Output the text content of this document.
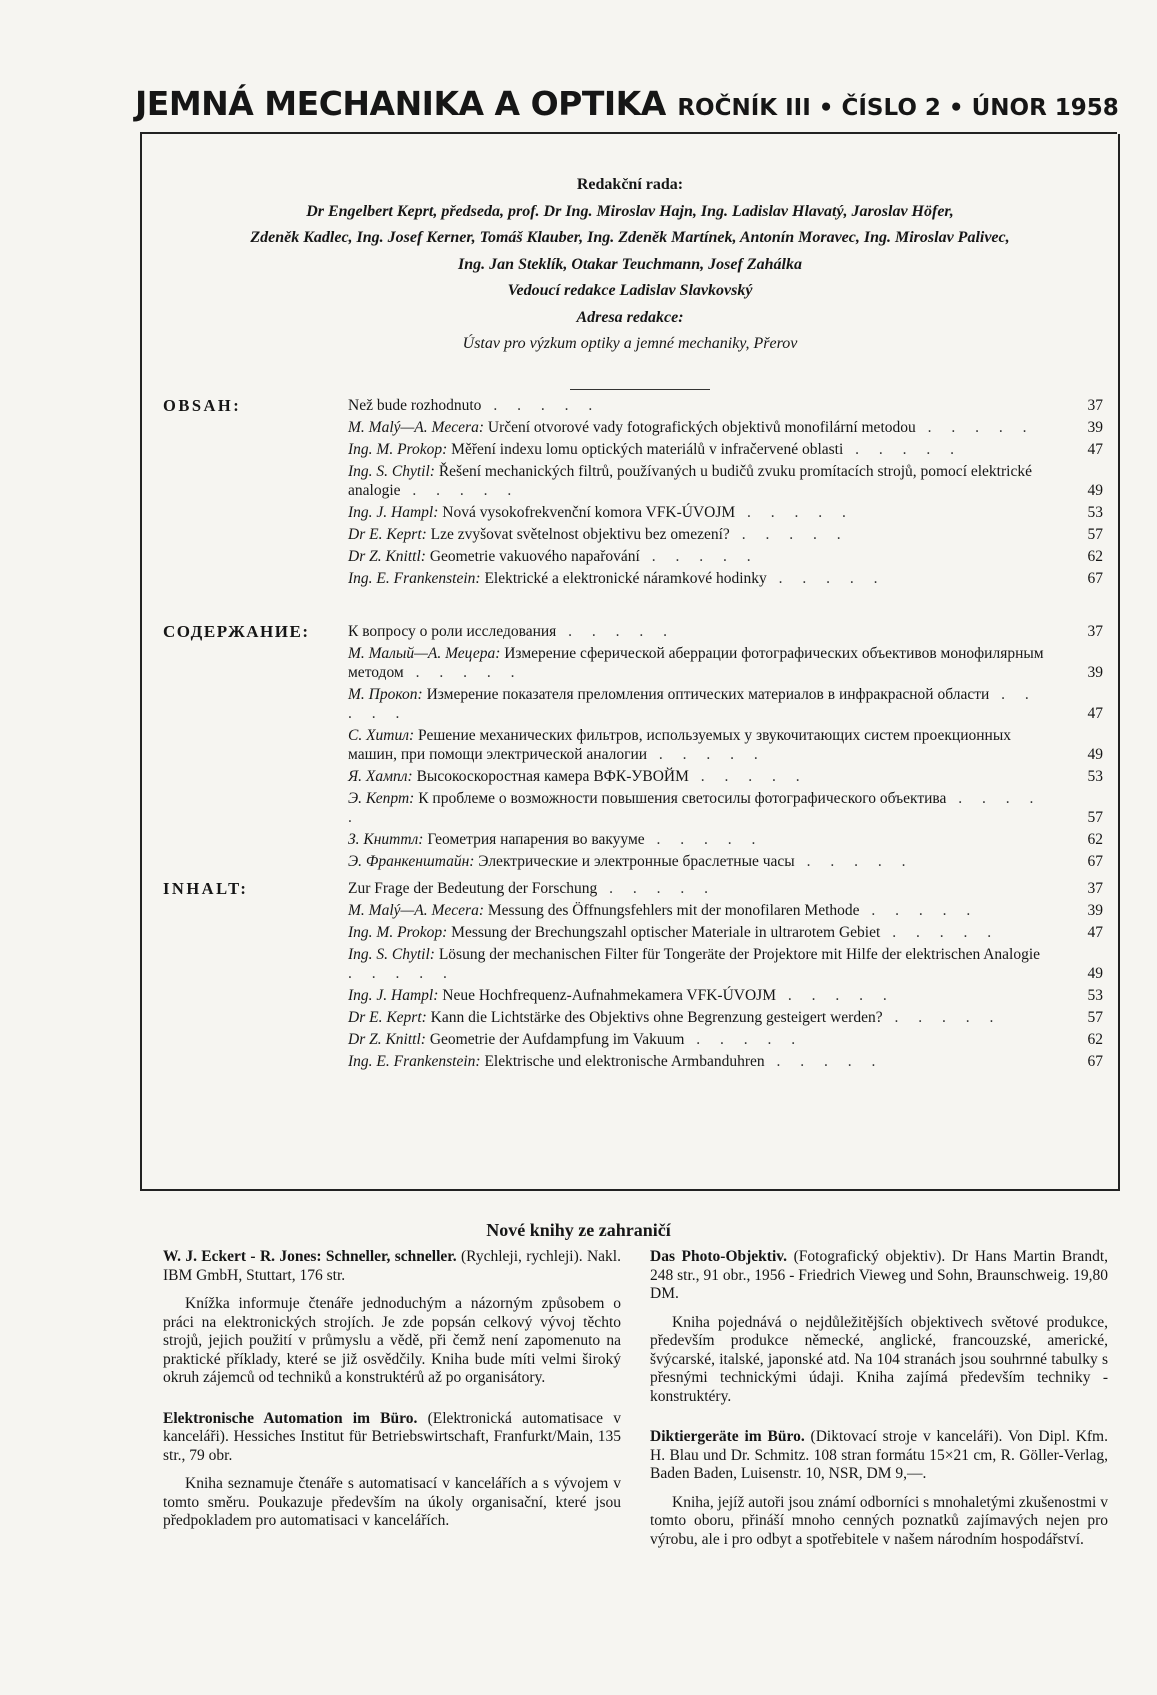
JEMNÁ MECHANIKA A OPTIKA ROČNÍK III • ČÍSLO 2 • ÚNOR 1958
Redakční rada:
Dr Engelbert Keprt, předseda, prof. Dr Ing. Miroslav Hajn, Ing. Ladislav Hlavatý, Jaroslav Höfer,
Zdeněk Kadlec, Ing. Josef Kerner, Tomáš Klauber, Ing. Zdeněk Martínek, Antonín Moravec, Ing. Miroslav Palivec,
Ing. Jan Steklík, Otakar Teuchmann, Josef Zahálka
Vedoucí redakce Ladislav Slavkovský
Adresa redakce:
Ústav pro výzkum optiky a jemné mechaniky, Přerov
OBSAH:	Než bude rozhodnuto . . . . .	37
M. Malý—A. Mecera: Určení otvorové vady fotografických objektivů monofilární metodou . . . . .	39
Ing. M. Prokop: Měření indexu lomu optických materiálů v infračervené oblasti . . . . .	47
Ing. S. Chytil: Řešení mechanických filtrů, používaných u budičů zvuku promítacích strojů, pomocí elektrické analogie . . . . .	49
Ing. J. Hampl: Nová vysokofrekvenční komora VFK-ÚVOJM . . . . .	53
Dr E. Keprt: Lze zvyšovat světelnost objektivu bez omezení? . . . . .	57
Dr Z. Knittl: Geometrie vakuového napařování . . . . .	62
Ing. E. Frankenstein: Elektrické a elektronické náramkové hodinky . . . . .	67
СОДЕРЖАНИЕ: К вопросу о роли исследования . . . . .	37
М. Малый—А. Мецера: Измерение сферической аберрации фотографических объективов монофилярным методом . . . . .	39
М. Прокоп: Измерение показателя преломления оптических материалов в инфракрасной области . . . . .	47
С. Хитил: Решение механических фильтров, используемых у звукочитающих систем проекционных машин, при помощи электрической аналогии . . . . .	49
Я. Хампл: Высокоскоростная камера ВФК-УВОЙМ . . . . .	53
Э. Кепрт: К проблеме о возможности повышения светосилы фотографического объектива . . . . .	57
З. Книттл: Геометрия напарения во вакууме . . . . .	62
Э. Франкенштайн: Электрические и электронные браслетные часы . . . . .	67
INHALT:	Zur Frage der Bedeutung der Forschung . . . . .	37
M. Malý—A. Mecera: Messung des Öffnungsfehlers mit der monofilaren Methode . . . . .	39
Ing. M. Prokop: Messung der Brechungszahl optischer Materiale in ultrarotem Gebiet . . . . .	47
Ing. S. Chytil: Lösung der mechanischen Filter für Tongeräte der Projektore mit Hilfe der elektrischen Analogie . . . . .	49
Ing. J. Hampl: Neue Hochfrequenz-Aufnahmekamera VFK-ÚVOJM . . . . .	53
Dr E. Keprt: Kann die Lichtstärke des Objektivs ohne Begrenzung gesteigert werden? . . . . .	57
Dr Z. Knittl: Geometrie der Aufdampfung im Vakuum . . . . .	62
Ing. E. Frankenstein: Elektrische und elektronische Armbanduhren . . . . .	67
Nové knihy ze zahraničí

W. J. Eckert - R. Jones: Schneller, schneller. (Rychleji, rychleji). Nakl. IBM GmbH, Stuttart, 176 str.

Knížka informuje čtenáře jednoduchým a názorným způsobem o práci na elektronických strojích. Je zde popsán celkový vývoj těchto strojů, jejich použití v průmyslu a vědě, při čemž není zapomenuto na praktické příklady, které se již osvědčily. Kniha bude míti velmi široký okruh zájemců od techniků a konstruktérů až po organisátory.

Elektronische Automation im Büro. (Elektronická automatisace v kanceláři). Hessiches Institut für Betriebswirtschaft, Franfurkt/Main, 135 str., 79 obr.

Kniha seznamuje čtenáře s automatisací v kancelářích a s vývojem v tomto směru. Poukazuje především na úkoly organisační, které jsou předpokladem pro automatisaci v kancelářích.

Das Photo-Objektiv. (Fotografický objektiv). Dr Hans Martin Brandt, 248 str., 91 obr., 1956 - Friedrich Vieweg und Sohn, Braunschweig. 19,80 DM.

Kniha pojednává o nejdůležitějších objektivech světové produkce, především produkce německé, anglické, francouzské, americké, švýcarské, italské, japonské atd. Na 104 stranách jsou souhrnné tabulky s přesnými technickými údaji. Kniha zajímá především techniky - konstruktéry.

Diktiergeräte im Büro. (Diktovací stroje v kanceláři). Von Dipl. Kfm. H. Blau und Dr. Schmitz. 108 stran formátu 15×21 cm, R. Göller-Verlag, Baden Baden, Luisenstr. 10, NSR, DM 9,—.

Kniha, jejíž autoři jsou známí odborníci s mnohaletými zkušenostmi v tomto oboru, přináší mnoho cenných poznatků zajímavých nejen pro výrobu, ale i pro odbyt a spotřebitele v našem národním hospodářství.
